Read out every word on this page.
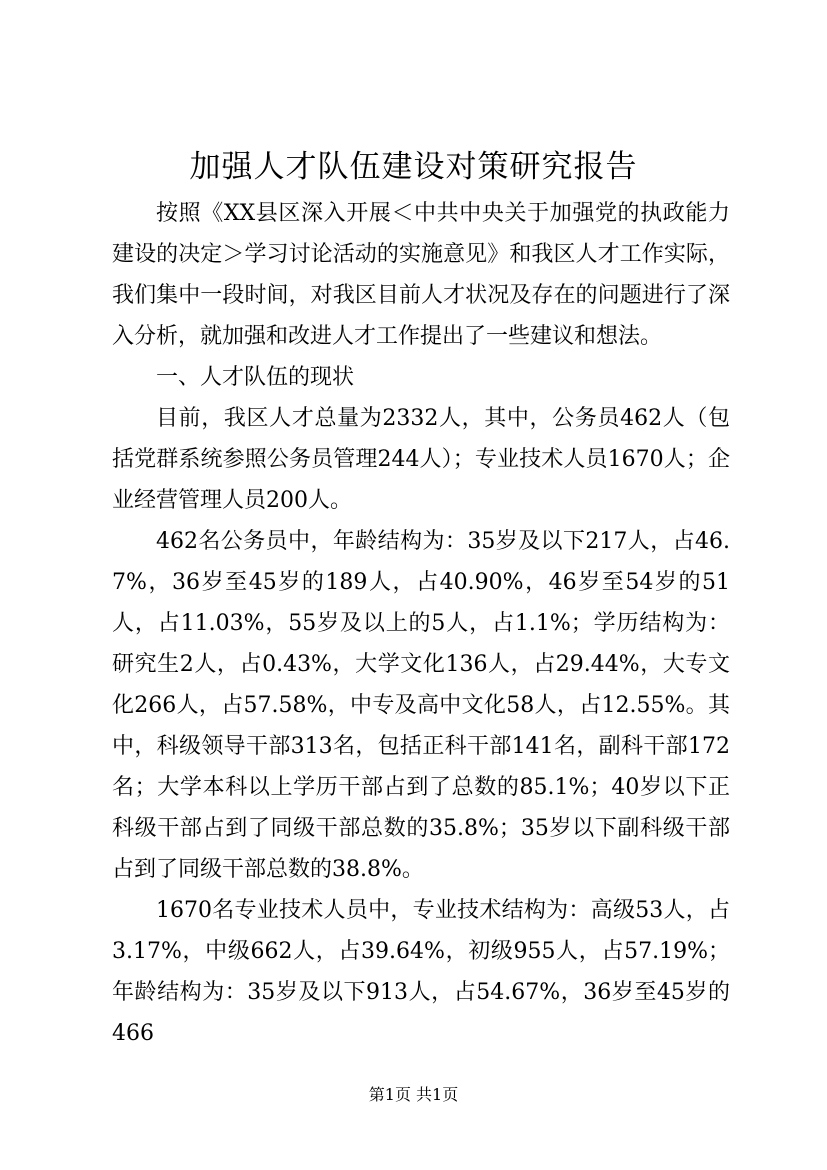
加强人才队伍建设对策研究报告

按照《XX县区深入开展＜中共中央关于加强党的执政能力建设的决定＞学习讨论活动的实施意见》和我区人才工作实际，我们集中一段时间，对我区目前人才状况及存在的问题进行了深入分析，就加强和改进人才工作提出了一些建议和想法。

一、人才队伍的现状

目前，我区人才总量为2332人，其中，公务员462人（包括党群系统参照公务员管理244人）；专业技术人员1670人；企业经营管理人员200人。

462名公务员中，年龄结构为：35岁及以下217人，占46.7%，36岁至45岁的189人，占40.90%，46岁至54岁的51人，占11.03%，55岁及以上的5人，占1.1%；学历结构为：研究生2人，占0.43%，大学文化136人，占29.44%，大专文化266人，占57.58%，中专及高中文化58人，占12.55%。其中，科级领导干部313名，包括正科干部141名，副科干部172名；大学本科以上学历干部占到了总数的85.1%；40岁以下正科级干部占到了同级干部总数的35.8%；35岁以下副科级干部占到了同级干部总数的38.8%。

1670名专业技术人员中，专业技术结构为：高级53人，占3.17%，中级662人，占39.64%，初级955人，占57.19%；年龄结构为：35岁及以下913人，占54.67%，36岁至45岁的466

第1页 共1页
